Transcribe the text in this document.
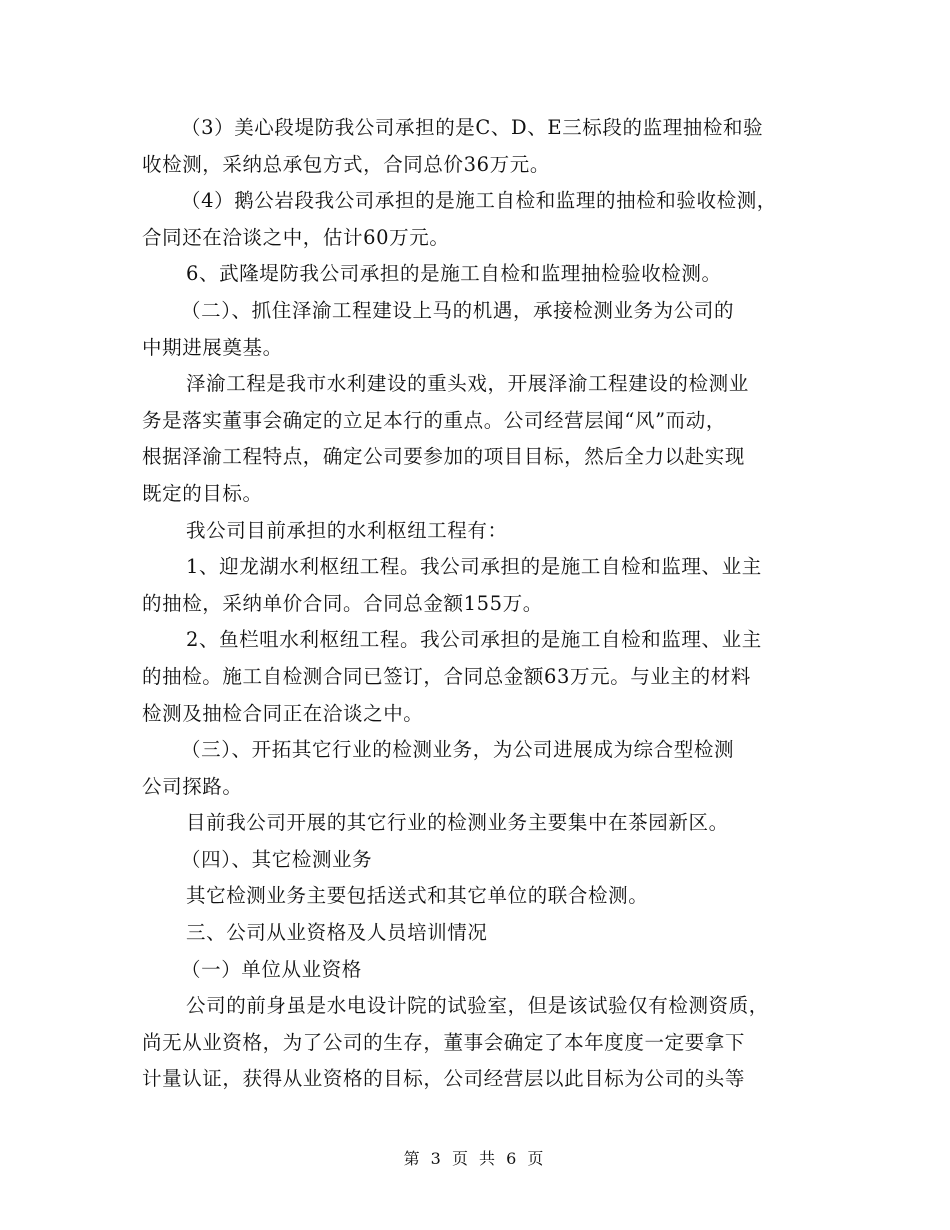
（3）美心段堤防我公司承担的是C、D、E三标段的监理抽检和验
收检测，采纳总承包方式，合同总价36万元。
（4）鹅公岩段我公司承担的是施工自检和监理的抽检和验收检测，
合同还在洽谈之中，估计60万元。
6、武隆堤防我公司承担的是施工自检和监理抽检验收检测。
（二）、抓住泽渝工程建设上马的机遇，承接检测业务为公司的
中期进展奠基。
泽渝工程是我市水利建设的重头戏，开展泽渝工程建设的检测业
务是落实董事会确定的立足本行的重点。公司经营层闻“风”而动，
根据泽渝工程特点，确定公司要参加的项目目标，然后全力以赴实现
既定的目标。
我公司目前承担的水利枢纽工程有：
1、迎龙湖水利枢纽工程。我公司承担的是施工自检和监理、业主
的抽检，采纳单价合同。合同总金额155万。
2、鱼栏咀水利枢纽工程。我公司承担的是施工自检和监理、业主
的抽检。施工自检测合同已签订，合同总金额63万元。与业主的材料
检测及抽检合同正在洽谈之中。
（三）、开拓其它行业的检测业务，为公司进展成为综合型检测
公司探路。
目前我公司开展的其它行业的检测业务主要集中在茶园新区。
（四）、其它检测业务
其它检测业务主要包括送式和其它单位的联合检测。
三、公司从业资格及人员培训情况
（一）单位从业资格
公司的前身虽是水电设计院的试验室，但是该试验仅有检测资质，
尚无从业资格，为了公司的生存，董事会确定了本年度度一定要拿下
计量认证，获得从业资格的目标，公司经营层以此目标为公司的头等
第 3 页 共 6 页
